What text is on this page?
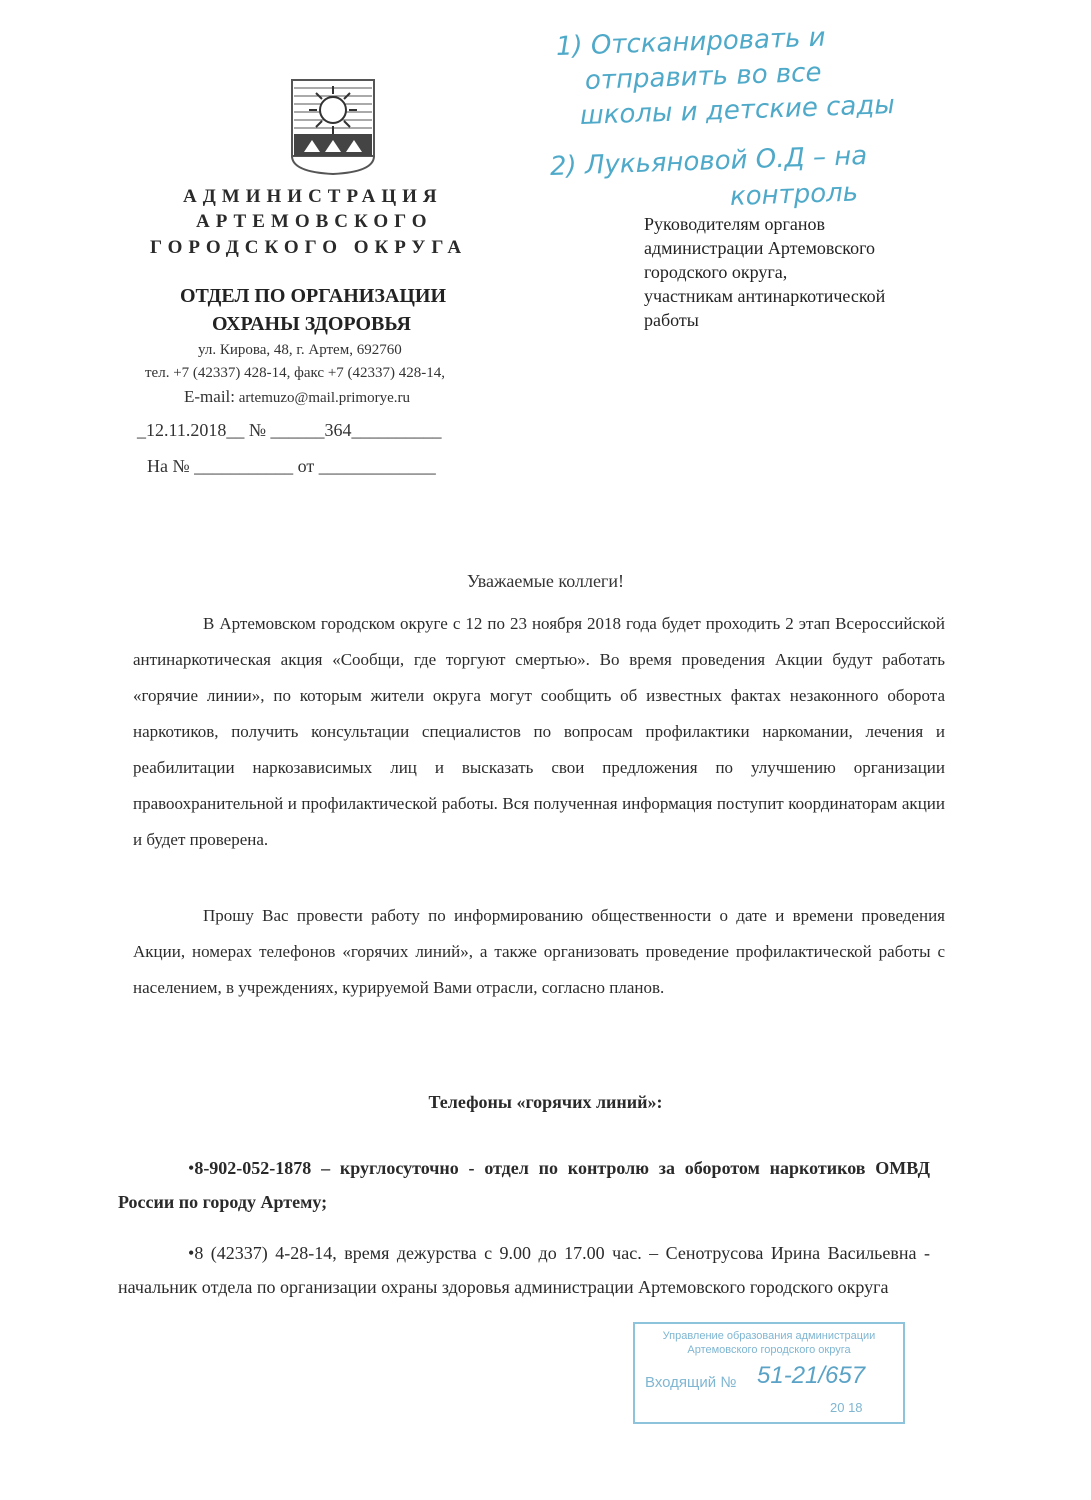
АДМИНИСТРАЦИЯ
АРТЕМОВСКОГО
ГОРОДСКОГО ОКРУГА
ОТДЕЛ ПО ОРГАНИЗАЦИИ
ОХРАНЫ ЗДОРОВЬЯ
ул. Кирова, 48, г. Артем, 692760
тел. +7 (42337) 428-14, факс +7 (42337) 428-14,
E-mail: artemuzo@mail.primorye.ru
_12.11.2018__ № ______364__________
На № ___________ от _____________
1) Отсканировать и
отправить во все
школы и детские сады
2) Лукьяновой О.Д – на
контроль
Руководителям органов
администрации Артемовского
городского округа,
участникам антинаркотической
работы
Уважаемые коллеги!
В Артемовском городском округе с 12 по 23 ноября 2018 года будет проходить 2 этап Всероссийской антинаркотическая акция «Сообщи, где торгуют смертью». Во время проведения Акции будут работать «горячие линии», по которым жители округа могут сообщить об известных фактах незаконного оборота наркотиков, получить консультации специалистов по вопросам профилактики наркомании, лечения и реабилитации наркозависимых лиц и высказать свои предложения по улучшению организации правоохранительной и профилактической работы. Вся полученная информация поступит координаторам акции и будет проверена.
Прошу Вас провести работу по информированию общественности о дате и времени проведения Акции, номерах телефонов «горячих линий», а также организовать проведение профилактической работы с населением, в учреждениях, курируемой Вами отрасли, согласно планов.
Телефоны «горячих линий»:
•8-902-052-1878 – круглосуточно - отдел по контролю за оборотом наркотиков ОМВД России по городу Артему;
•8 (42337) 4-28-14, время дежурства с 9.00 до 17.00 час. – Сенотрусова Ирина Васильевна - начальник отдела по организации охраны здоровья администрации Артемовского городского округа
Управление образования администрации
Артемовского городского округа
Входящий № 51-21/657
20 18
